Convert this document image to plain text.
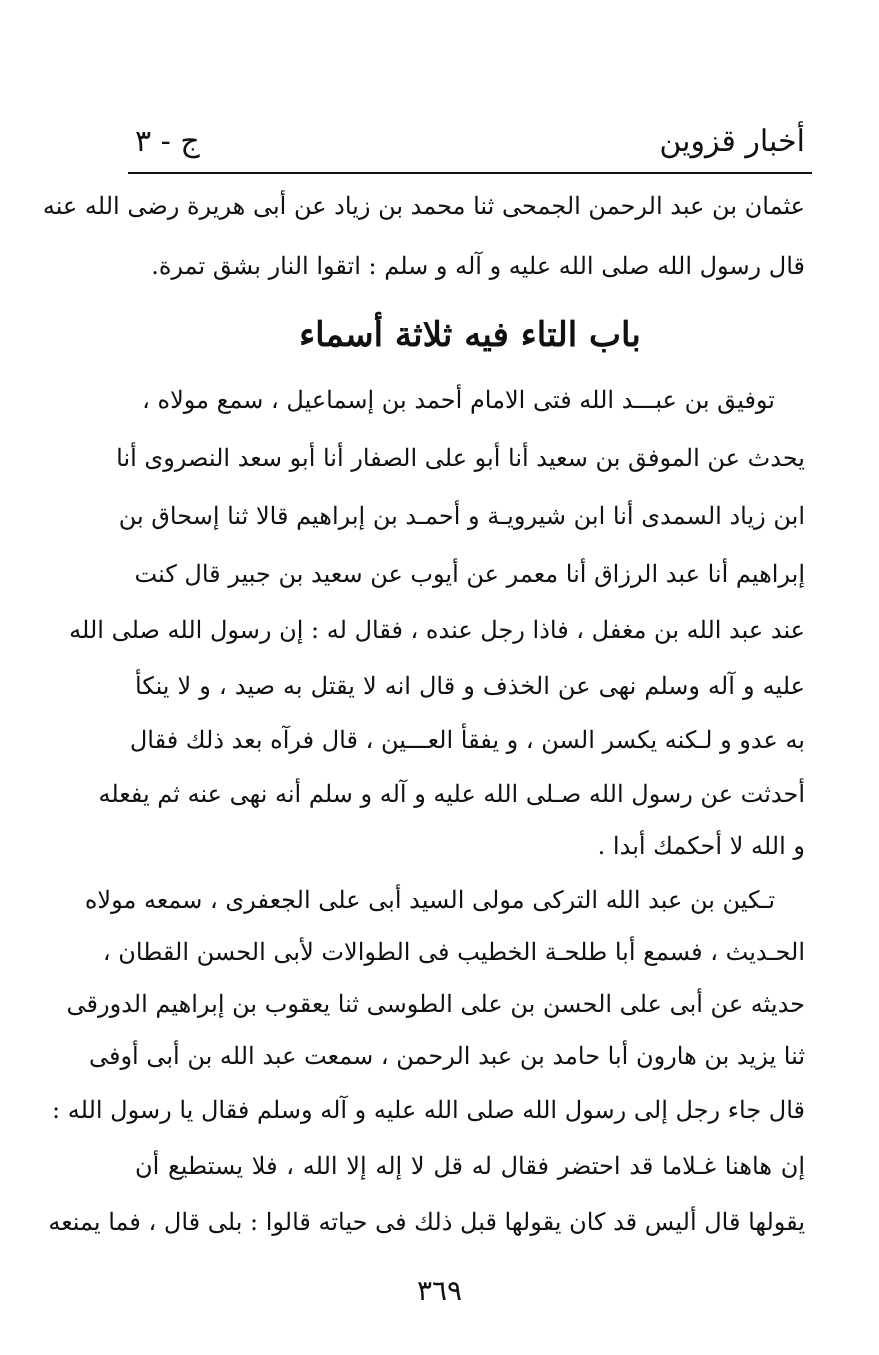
أخبار قزوين
ج - ٣
عثمان بن عبد الرحمن الجمحى ثنا محمد بن زياد عن أبى هريرة رضى الله عنه
قال رسول الله صلى الله عليه و آله و سلم : اتقوا النار بشق تمرة.
باب التاء فيه ثلاثة أسماء
توفيق بن عبـــد الله فتى الامام أحمد بن إسماعيل ، سمع مولاه ،
يحدث عن الموفق بن سعيد أنا أبو على الصفار أنا أبو سعد النصروى أنا
ابن زياد السمدى أنا ابن شيرويـة و أحمـد بن إبراهيم قالا ثنا إسحاق بن
إبراهيم أنا عبد الرزاق أنا معمر عن أيوب عن سعيد بن جبير قال كنت
عند عبد الله بن مغفل ، فاذا رجل عنده ، فقال له : إن رسول الله صلى الله
عليه و آله وسلم نهى عن الخذف و قال انه لا يقتل به صيد ، و لا ينكأ
به عدو و لـكنه يكسر السن ، و يفقأ العـــين ، قال فرآه بعد ذلك فقال
أحدثت عن رسول الله صـلى الله عليه و آله و سلم أنه نهى عنه ثم يفعله
و الله لا أحكمك أبدا .
تـكين بن عبد الله التركى مولى السيد أبى على الجعفرى ، سمعه مولاه
الحـديث ، فسمع أبا طلحـة الخطيب فى الطوالات لأبى الحسن القطان ،
حديثه عن أبى على الحسن بن على الطوسى ثنا يعقوب بن إبراهيم الدورقى
ثنا يزيد بن هارون أبا حامد بن عبد الرحمن ، سمعت عبد الله بن أبى أوفى
قال جاء رجل إلى رسول الله صلى الله عليه و آله وسلم فقال يا رسول الله :
إن هاهنا غـلاما قد احتضر فقال له قل لا إله إلا الله ، فلا يستطيع أن
يقولها قال أليس قد كان يقولها قبل ذلك فى حياته قالوا : بلى قال ، فما يمنعه
٣٦٩
